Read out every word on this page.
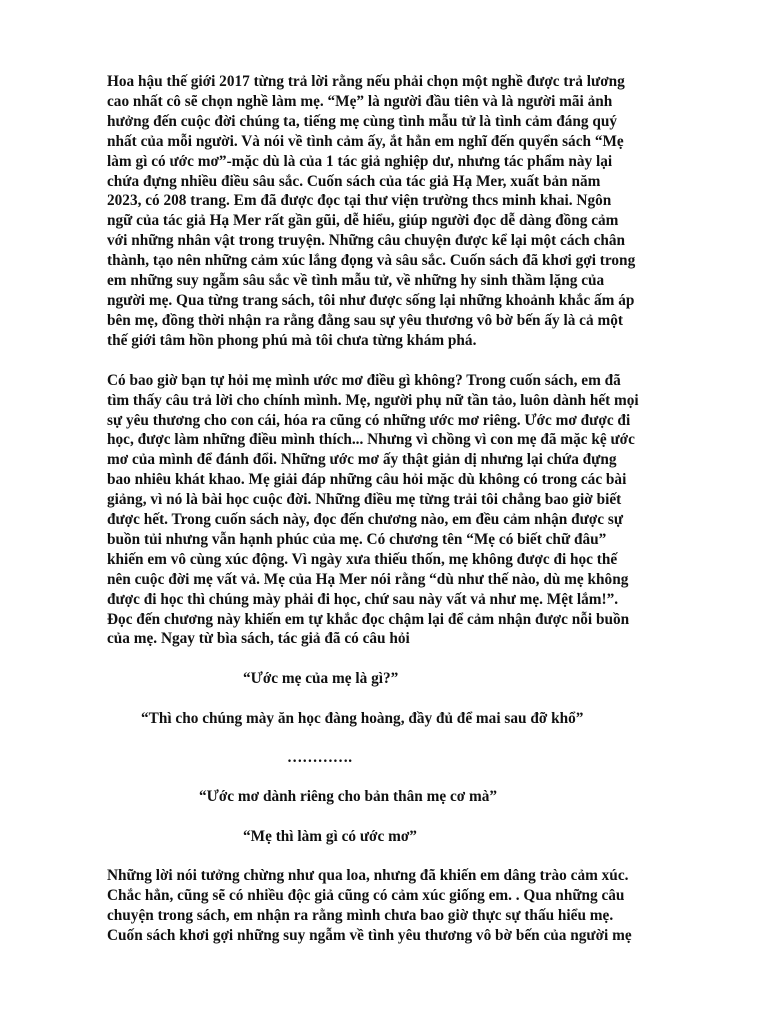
Hoa hậu thế giới 2017 từng trả lời rằng nếu phải chọn một nghề được trả lương
cao nhất cô sẽ chọn nghề làm mẹ. “Mẹ” là người đầu tiên và là người mãi ảnh
hưởng đến cuộc đời chúng ta, tiếng mẹ cùng tình mẫu tử là tình cảm đáng quý
nhất của mỗi người. Và nói về tình cảm ấy, ắt hẳn em nghĩ đến quyển sách “Mẹ
làm gì có ước mơ”-mặc dù là của 1 tác giả nghiệp dư, nhưng tác phẩm này lại
chứa đựng nhiều điều sâu sắc. Cuốn sách của tác giả Hạ Mer, xuất bản năm
2023, có 208 trang. Em đã được đọc tại thư viện trường thcs minh khai. Ngôn
ngữ của tác giả Hạ Mer rất gần gũi, dễ hiểu, giúp người đọc dễ dàng đồng cảm
với những nhân vật trong truyện. Những câu chuyện được kể lại một cách chân
thành, tạo nên những cảm xúc lắng đọng và sâu sắc. Cuốn sách đã khơi gợi trong
em những suy ngẫm sâu sắc về tình mẫu tử, về những hy sinh thầm lặng của
người mẹ. Qua từng trang sách, tôi như được sống lại những khoảnh khắc ấm áp
bên mẹ, đồng thời nhận ra rằng đằng sau sự yêu thương vô bờ bến ấy là cả một
thế giới tâm hồn phong phú mà tôi chưa từng khám phá.
Có bao giờ bạn tự hỏi mẹ mình ước mơ điều gì không? Trong cuốn sách, em đã
tìm thấy câu trả lời cho chính mình. Mẹ, người phụ nữ tần tảo, luôn dành hết mọi
sự yêu thương cho con cái, hóa ra cũng có những ước mơ riêng. Ước mơ được đi
học, được làm những điều mình thích... Nhưng vì chồng vì con mẹ đã mặc kệ ước
mơ của mình để đánh đổi. Những ước mơ ấy thật giản dị nhưng lại chứa đựng
bao nhiêu khát khao. Mẹ giải đáp những câu hỏi mặc dù không có trong các bài
giảng, vì nó là bài học cuộc đời. Những điều mẹ từng trải tôi chẳng bao giờ biết
được hết. Trong cuốn sách này, đọc đến chương nào, em đều cảm nhận được sự
buồn tủi nhưng vẫn hạnh phúc của mẹ. Có chương tên “Mẹ có biết chữ đâu”
khiến em vô cùng xúc động. Vì ngày xưa thiếu thốn, mẹ không được đi học thế
nên cuộc đời mẹ vất vả. Mẹ của Hạ Mer nói rằng “dù như thế nào, dù mẹ không
được đi học thì chúng mày phải đi học, chứ sau này vất vả như mẹ. Mệt lắm!”.
Đọc đến chương này khiến em tự khắc đọc chậm lại để cảm nhận được nỗi buồn
của mẹ. Ngay từ bìa sách, tác giả đã có câu hỏi
“Ước mẹ của mẹ là gì?”
“Thì cho chúng mày ăn học đàng hoàng, đầy đủ để mai sau đỡ khổ”
………….
“Ước mơ dành riêng cho bản thân mẹ cơ mà”
“Mẹ thì làm gì có ước mơ”
Những lời nói tưởng chừng như qua loa, nhưng đã khiến em dâng trào cảm xúc.
Chắc hẳn, cũng sẽ có nhiều độc giả cũng có cảm xúc giống em. . Qua những câu
chuyện trong sách, em nhận ra rằng mình chưa bao giờ thực sự thấu hiểu mẹ.
Cuốn sách khơi gợi những suy ngẫm về tình yêu thương vô bờ bến của người mẹ
